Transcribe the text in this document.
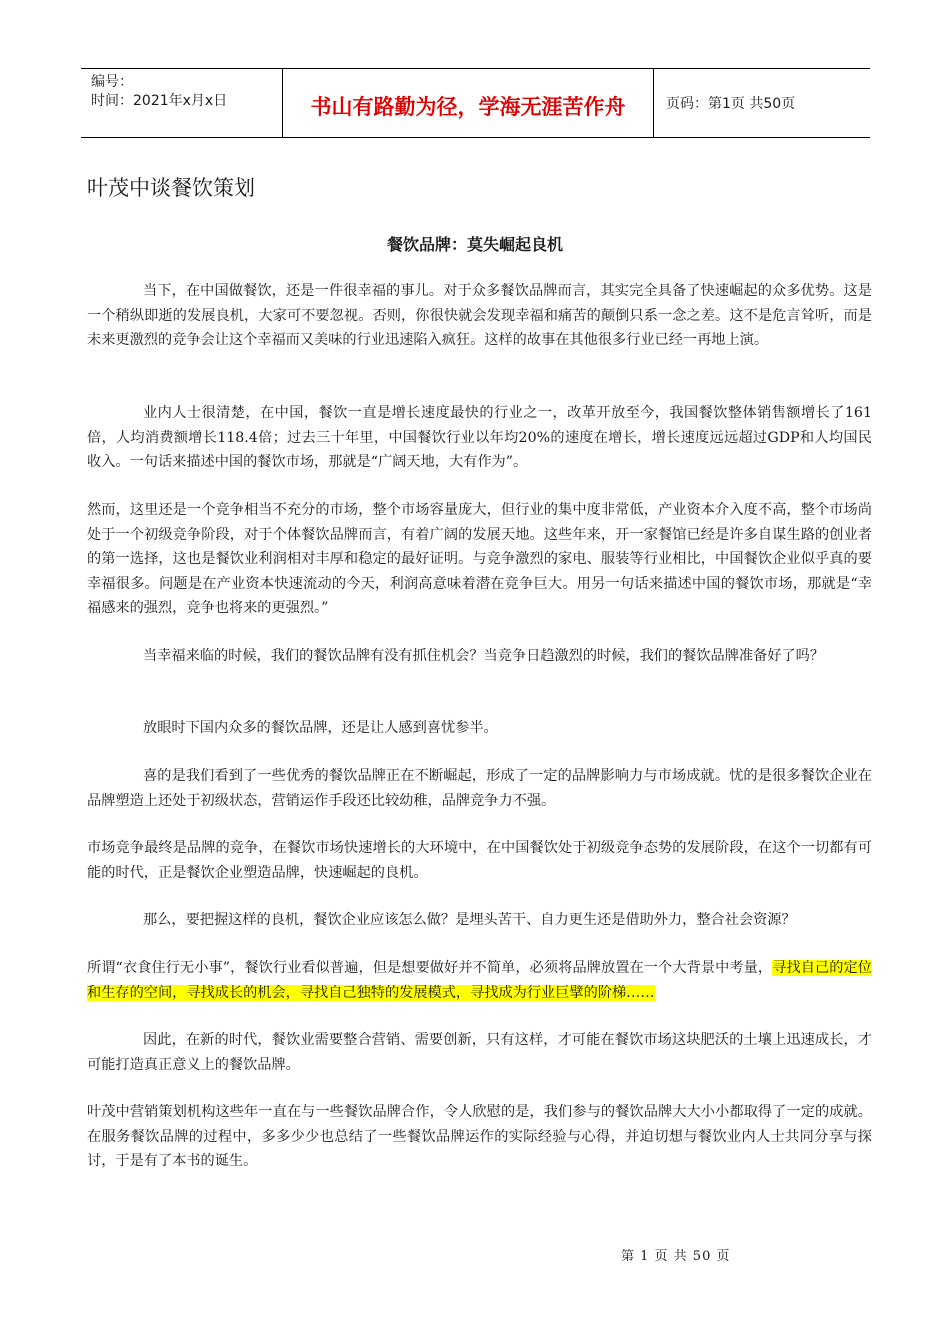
编号：
时间：2021年x月x日	书山有路勤为径，学海无涯苦作舟	页码：第1页 共50页
叶茂中谈餐饮策划
餐饮品牌：莫失崛起良机

当下，在中国做餐饮，还是一件很幸福的事儿。对于众多餐饮品牌而言，其实完全具备了快速崛起的众多优势。这是一个稍纵即逝的发展良机，大家可不要忽视。否则，你很快就会发现幸福和痛苦的颠倒只系一念之差。这不是危言耸听，而是未来更激烈的竞争会让这个幸福而又美味的行业迅速陷入疯狂。这样的故事在其他很多行业已经一再地上演。

业内人士很清楚，在中国，餐饮一直是增长速度最快的行业之一，改革开放至今，我国餐饮整体销售额增长了161倍，人均消费额增长118.4倍；过去三十年里，中国餐饮行业以年均20%的速度在增长，增长速度远远超过GDP和人均国民收入。一句话来描述中国的餐饮市场，那就是“广阔天地，大有作为”。

然而，这里还是一个竞争相当不充分的市场，整个市场容量庞大，但行业的集中度非常低，产业资本介入度不高，整个市场尚处于一个初级竞争阶段，对于个体餐饮品牌而言，有着广阔的发展天地。这些年来，开一家餐馆已经是许多自谋生路的创业者的第一选择，这也是餐饮业利润相对丰厚和稳定的最好证明。与竞争激烈的家电、服装等行业相比，中国餐饮企业似乎真的要幸福很多。问题是在产业资本快速流动的今天，利润高意味着潜在竞争巨大。用另一句话来描述中国的餐饮市场，那就是“幸福感来的强烈，竞争也将来的更强烈。”

当幸福来临的时候，我们的餐饮品牌有没有抓住机会？当竞争日趋激烈的时候，我们的餐饮品牌准备好了吗？

放眼时下国内众多的餐饮品牌，还是让人感到喜忧参半。

喜的是我们看到了一些优秀的餐饮品牌正在不断崛起，形成了一定的品牌影响力与市场成就。忧的是很多餐饮企业在品牌塑造上还处于初级状态，营销运作手段还比较幼稚，品牌竞争力不强。

市场竞争最终是品牌的竞争，在餐饮市场快速增长的大环境中，在中国餐饮处于初级竞争态势的发展阶段，在这个一切都有可能的时代，正是餐饮企业塑造品牌，快速崛起的良机。

那么，要把握这样的良机，餐饮企业应该怎么做？是埋头苦干、自力更生还是借助外力，整合社会资源？

所谓“衣食住行无小事”，餐饮行业看似普遍，但是想要做好并不简单，必须将品牌放置在一个大背景中考量，寻找自己的定位和生存的空间，寻找成长的机会，寻找自己独特的发展模式，寻找成为行业巨擘的阶梯……

因此，在新的时代，餐饮业需要整合营销、需要创新，只有这样，才可能在餐饮市场这块肥沃的土壤上迅速成长，才可能打造真正意义上的餐饮品牌。

叶茂中营销策划机构这些年一直在与一些餐饮品牌合作，令人欣慰的是，我们参与的餐饮品牌大大小小都取得了一定的成就。在服务餐饮品牌的过程中，多多少少也总结了一些餐饮品牌运作的实际经验与心得，并迫切想与餐饮业内人士共同分享与探讨，于是有了本书的诞生。

第 1 页 共 50 页
